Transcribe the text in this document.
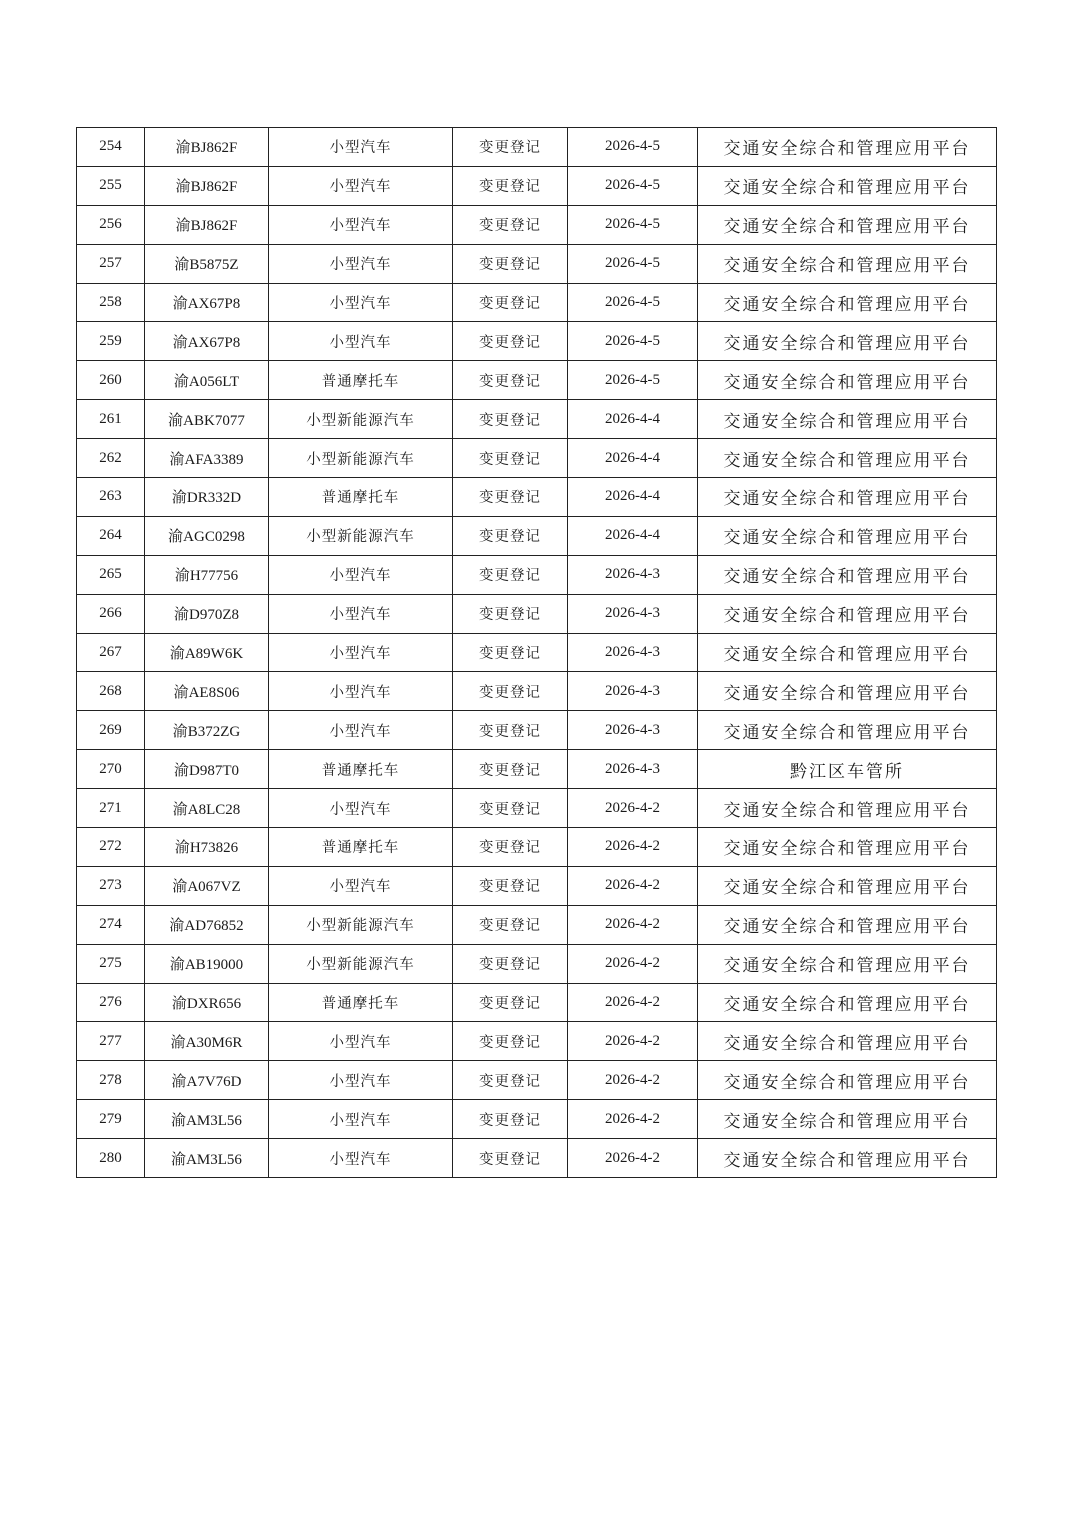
254	渝BJ862F	小型汽车	变更登记	2026-4-5	交通安全综合和管理应用平台
255	渝BJ862F	小型汽车	变更登记	2026-4-5	交通安全综合和管理应用平台
256	渝BJ862F	小型汽车	变更登记	2026-4-5	交通安全综合和管理应用平台
257	渝B5875Z	小型汽车	变更登记	2026-4-5	交通安全综合和管理应用平台
258	渝AX67P8	小型汽车	变更登记	2026-4-5	交通安全综合和管理应用平台
259	渝AX67P8	小型汽车	变更登记	2026-4-5	交通安全综合和管理应用平台
260	渝A056LT	普通摩托车	变更登记	2026-4-5	交通安全综合和管理应用平台
261	渝ABK7077	小型新能源汽车	变更登记	2026-4-4	交通安全综合和管理应用平台
262	渝AFA3389	小型新能源汽车	变更登记	2026-4-4	交通安全综合和管理应用平台
263	渝DR332D	普通摩托车	变更登记	2026-4-4	交通安全综合和管理应用平台
264	渝AGC0298	小型新能源汽车	变更登记	2026-4-4	交通安全综合和管理应用平台
265	渝H77756	小型汽车	变更登记	2026-4-3	交通安全综合和管理应用平台
266	渝D970Z8	小型汽车	变更登记	2026-4-3	交通安全综合和管理应用平台
267	渝A89W6K	小型汽车	变更登记	2026-4-3	交通安全综合和管理应用平台
268	渝AE8S06	小型汽车	变更登记	2026-4-3	交通安全综合和管理应用平台
269	渝B372ZG	小型汽车	变更登记	2026-4-3	交通安全综合和管理应用平台
270	渝D987T0	普通摩托车	变更登记	2026-4-3	黔江区车管所
271	渝A8LC28	小型汽车	变更登记	2026-4-2	交通安全综合和管理应用平台
272	渝H73826	普通摩托车	变更登记	2026-4-2	交通安全综合和管理应用平台
273	渝A067VZ	小型汽车	变更登记	2026-4-2	交通安全综合和管理应用平台
274	渝AD76852	小型新能源汽车	变更登记	2026-4-2	交通安全综合和管理应用平台
275	渝AB19000	小型新能源汽车	变更登记	2026-4-2	交通安全综合和管理应用平台
276	渝DXR656	普通摩托车	变更登记	2026-4-2	交通安全综合和管理应用平台
277	渝A30M6R	小型汽车	变更登记	2026-4-2	交通安全综合和管理应用平台
278	渝A7V76D	小型汽车	变更登记	2026-4-2	交通安全综合和管理应用平台
279	渝AM3L56	小型汽车	变更登记	2026-4-2	交通安全综合和管理应用平台
280	渝AM3L56	小型汽车	变更登记	2026-4-2	交通安全综合和管理应用平台
